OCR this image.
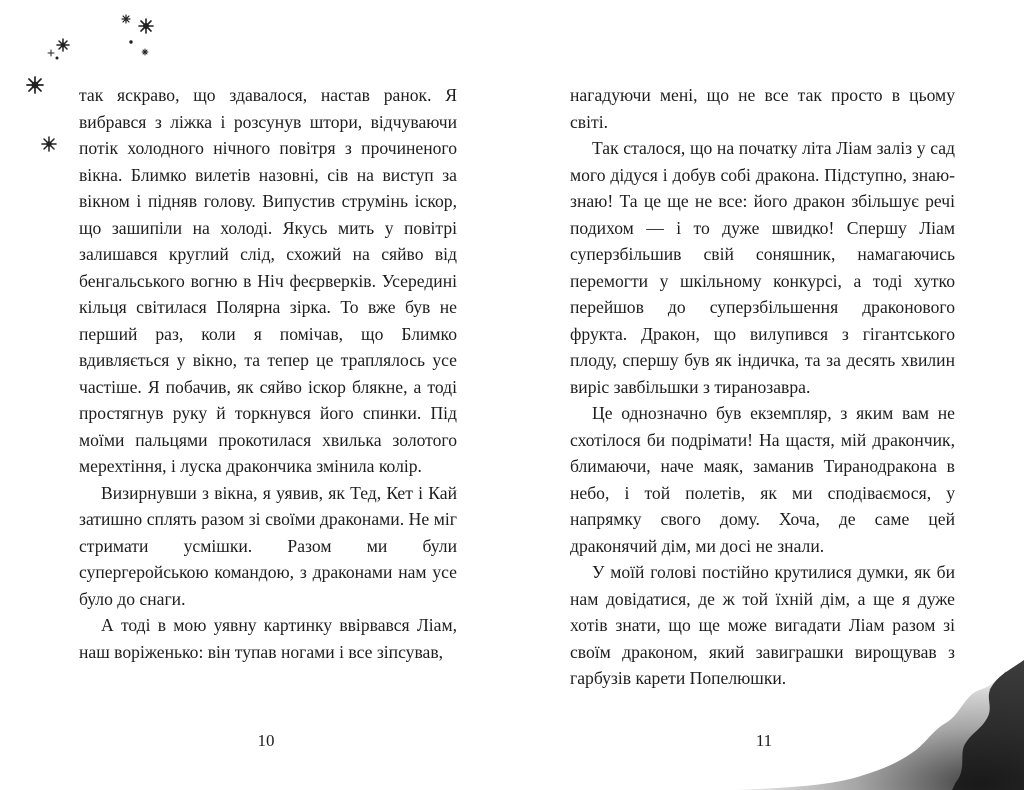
так яскраво, що здавалося, настав ранок. Я вибрався з ліжка і розсунув штори, відчуваючи потік холодного нічного повітря з прочиненого вікна. Блимко вилетів назовні, сів на виступ за вікном і підняв голову. Випустив струмінь іскор, що зашипіли на холоді. Якусь мить у повітрі залишався круглий слід, схожий на сяйво від бенгальського вогню в Ніч феєрверків. Усередині кільця світилася Полярна зірка. То вже був не перший раз, коли я помічав, що Блимко вдивляється у вікно, та тепер це траплялось усе частіше. Я побачив, як сяйво іскор блякне, а тоді простягнув руку й торкнувся його спинки. Під моїми пальцями прокотилася хвилька золотого мерехтіння, і луска дракончика змінила колір.

Визирнувши з вікна, я уявив, як Тед, Кет і Кай затишно сплять разом зі своїми драконами. Не міг стримати усмішки. Разом ми були супергеройською командою, з драконами нам усе було до снаги.

А тоді в мою уявну картинку ввірвався Ліам, наш воріженько: він тупав ногами і все зіпсував,

10

нагадуючи мені, що не все так просто в цьому світі.

Так сталося, що на початку літа Ліам заліз у сад мого дідуся і добув собі дракона. Підступно, знаю-знаю! Та це ще не все: його дракон збільшує речі подихом — і то дуже швидко! Спершу Ліам суперзбільшив свій соняшник, намагаючись перемогти у шкільному конкурсі, а тоді хутко перейшов до суперзбільшення драконового фрукта. Дракон, що вилупився з гігантського плоду, спершу був як індичка, та за десять хвилин виріс завбільшки з тиранозавра.

Це однозначно був екземпляр, з яким вам не схотілося би подрімати! На щастя, мій дракончик, блимаючи, наче маяк, заманив Тиранодракона в небо, і той полетів, як ми сподіваємося, у напрямку свого дому. Хоча, де саме цей драконячий дім, ми досі не знали.

У моїй голові постійно крутилися думки, як би нам довідатися, де ж той їхній дім, а ще я дуже хотів знати, що ще може вигадати Ліам разом зі своїм драконом, який завиграшки вирощував з гарбузів карети Попелюшки.

11
